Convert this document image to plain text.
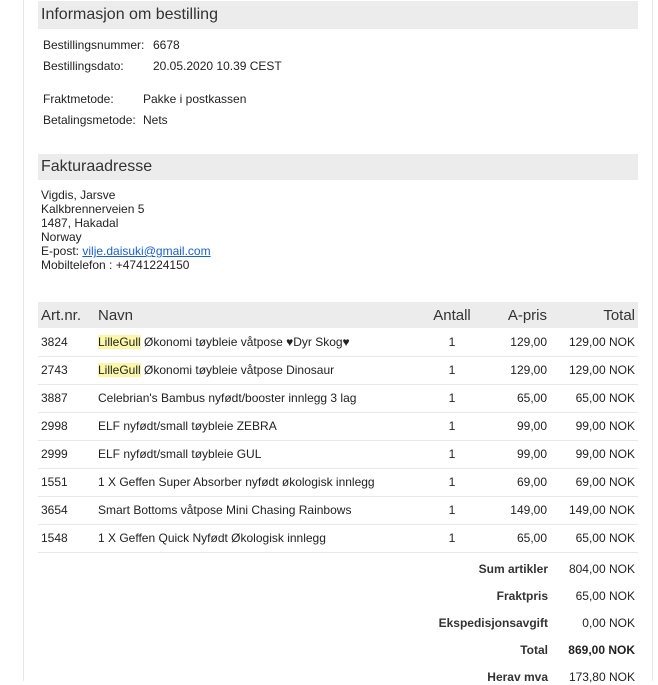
Informasjon om bestilling
Bestillingsnummer: 6678
Bestillingsdato: 20.05.2020 10.39 CEST
Fraktmetode: Pakke i postkassen
Betalingsmetode: Nets
Fakturaadresse
Vigdis, Jarsve
Kalkbrennerveien 5
1487, Hakadal
Norway
E-post: vilje.daisuki@gmail.com
Mobiltelefon : +4741224150
Art.nr.	Navn	Antall	A-pris	Total
3824	LilleGull Økonomi tøybleie våtpose ♥Dyr Skog♥	1	129,00	129,00 NOK
2743	LilleGull Økonomi tøybleie våtpose Dinosaur	1	129,00	129,00 NOK
3887	Celebrian's Bambus nyfødt/booster innlegg 3 lag	1	65,00	65,00 NOK
2998	ELF nyfødt/small tøybleie ZEBRA	1	99,00	99,00 NOK
2999	ELF nyfødt/small tøybleie GUL	1	99,00	99,00 NOK
1551	1 X Geffen Super Absorber nyfødt økologisk innlegg	1	69,00	69,00 NOK
3654	Smart Bottoms våtpose Mini Chasing Rainbows	1	149,00	149,00 NOK
1548	1 X Geffen Quick Nyfødt Økologisk innlegg	1	65,00	65,00 NOK
Sum artikler 804,00 NOK
Fraktpris 65,00 NOK
Ekspedisjonsavgift	0,00 NOK
Total 869,00 NOK
Herav mva 173,80 NOK
